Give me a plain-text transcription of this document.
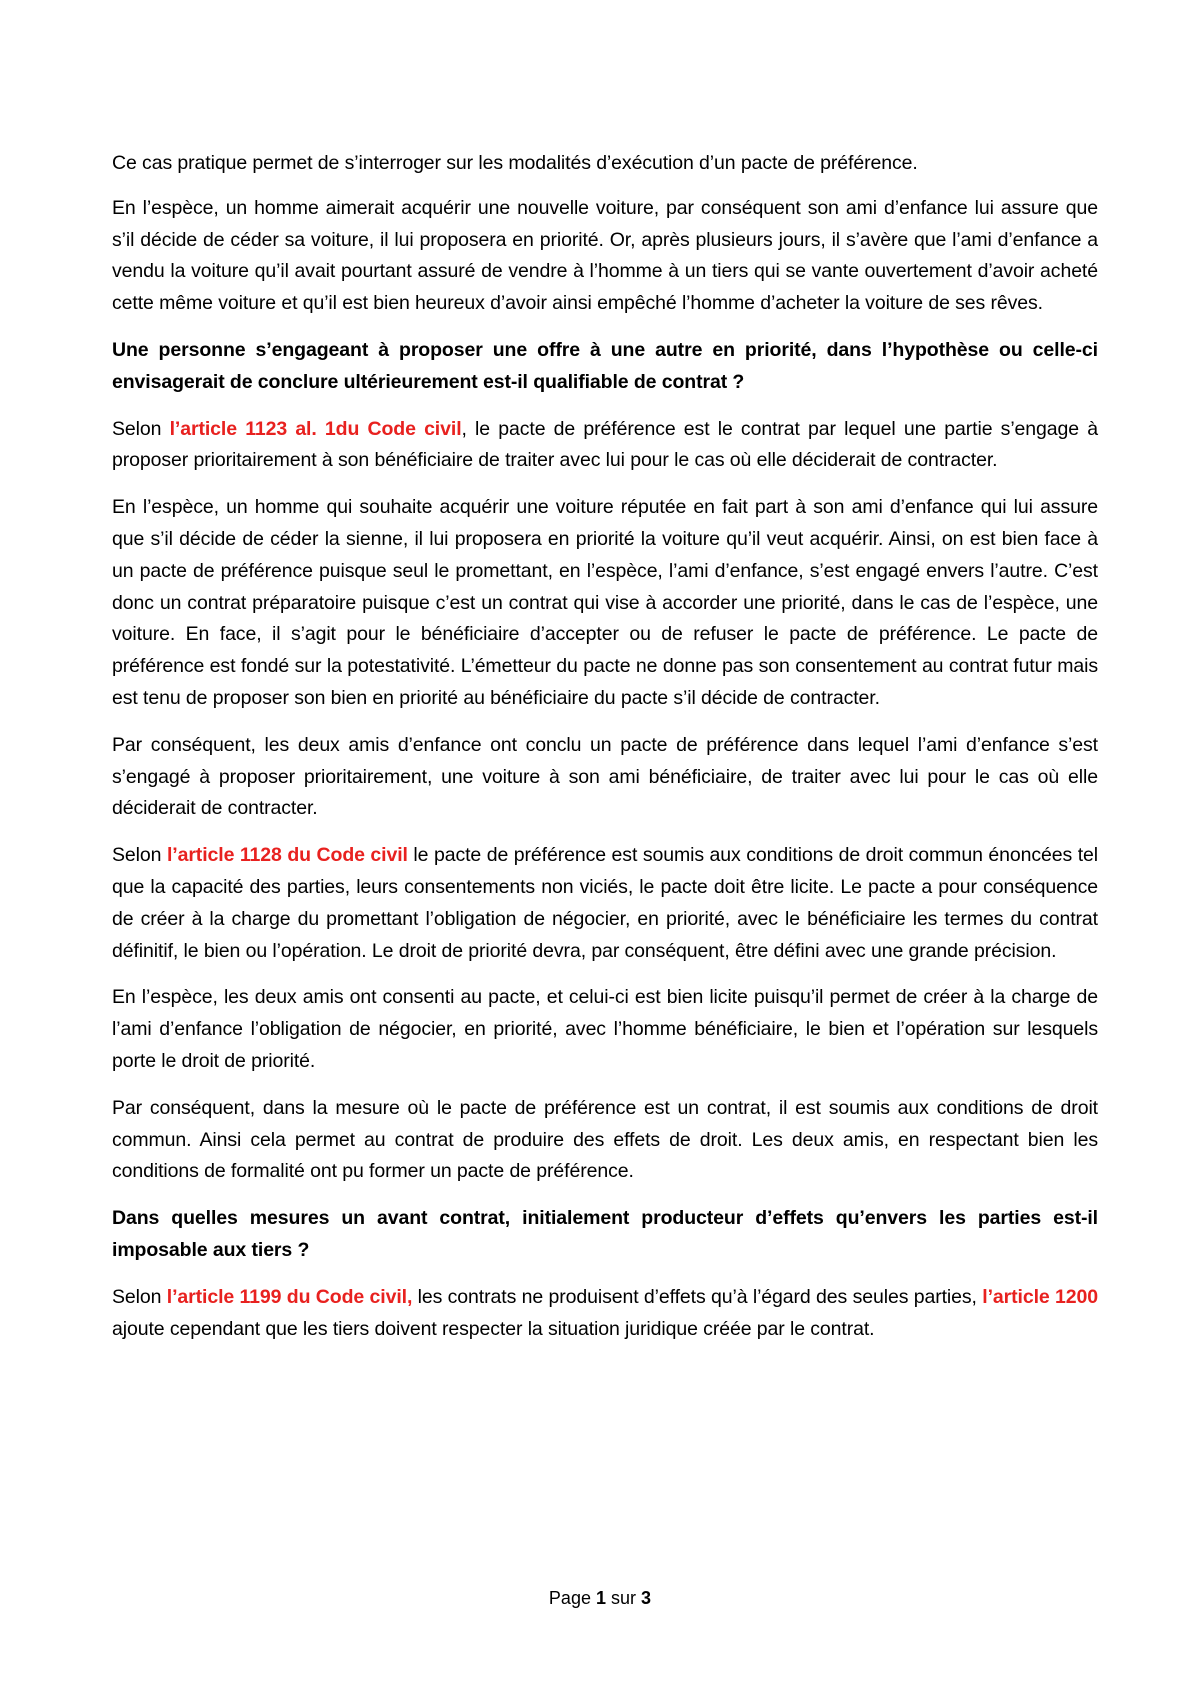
Ce cas pratique permet de s’interroger sur les modalités d’exécution d’un pacte de préférence.

En l’espèce, un homme aimerait acquérir une nouvelle voiture, par conséquent son ami d’enfance lui assure que s’il décide de céder sa voiture, il lui proposera en priorité. Or, après plusieurs jours, il s’avère que l’ami d’enfance a vendu la voiture qu’il avait pourtant assuré de vendre à l’homme à un tiers qui se vante ouvertement d’avoir acheté cette même voiture et qu’il est bien heureux d’avoir ainsi empêché l’homme d’acheter la voiture de ses rêves.

Une personne s’engageant à proposer une offre à une autre en priorité, dans l’hypothèse ou celle-ci envisagerait de conclure ultérieurement est-il qualifiable de contrat ?

Selon l’article 1123 al. 1du Code civil, le pacte de préférence est le contrat par lequel une partie s’engage à proposer prioritairement à son bénéficiaire de traiter avec lui pour le cas où elle déciderait de contracter.

En l’espèce, un homme qui souhaite acquérir une voiture réputée en fait part à son ami d’enfance qui lui assure que s’il décide de céder la sienne, il lui proposera en priorité la voiture qu’il veut acquérir. Ainsi, on est bien face à un pacte de préférence puisque seul le promettant, en l’espèce, l’ami d’enfance, s’est engagé envers l’autre. C’est donc un contrat préparatoire puisque c’est un contrat qui vise à accorder une priorité, dans le cas de l’espèce, une voiture. En face, il s’agit pour le bénéficiaire d’accepter ou de refuser le pacte de préférence. Le pacte de préférence est fondé sur la potestativité. L’émetteur du pacte ne donne pas son consentement au contrat futur mais est tenu de proposer son bien en priorité au bénéficiaire du pacte s’il décide de contracter.

Par conséquent, les deux amis d’enfance ont conclu un pacte de préférence dans lequel l’ami d’enfance s’est s’engagé à proposer prioritairement, une voiture à son ami bénéficiaire, de traiter avec lui pour le cas où elle déciderait de contracter.

Selon l’article 1128 du Code civil le pacte de préférence est soumis aux conditions de droit commun énoncées tel que la capacité des parties, leurs consentements non viciés, le pacte doit être licite. Le pacte a pour conséquence de créer à la charge du promettant l’obligation de négocier, en priorité, avec le bénéficiaire les termes du contrat définitif, le bien ou l’opération. Le droit de priorité devra, par conséquent, être défini avec une grande précision.

En l’espèce, les deux amis ont consenti au pacte, et celui-ci est bien licite puisqu’il permet de créer à la charge de l’ami d’enfance l’obligation de négocier, en priorité, avec l’homme bénéficiaire, le bien et l’opération sur lesquels porte le droit de priorité.

Par conséquent, dans la mesure où le pacte de préférence est un contrat, il est soumis aux conditions de droit commun. Ainsi cela permet au contrat de produire des effets de droit. Les deux amis, en respectant bien les conditions de formalité ont pu former un pacte de préférence.

Dans quelles mesures un avant contrat, initialement producteur d’effets qu’envers les parties est-il imposable aux tiers ?

Selon l’article 1199 du Code civil, les contrats ne produisent d’effets qu’à l’égard des seules parties, l’article 1200 ajoute cependant que les tiers doivent respecter la situation juridique créée par le contrat.

Page 1 sur 3
